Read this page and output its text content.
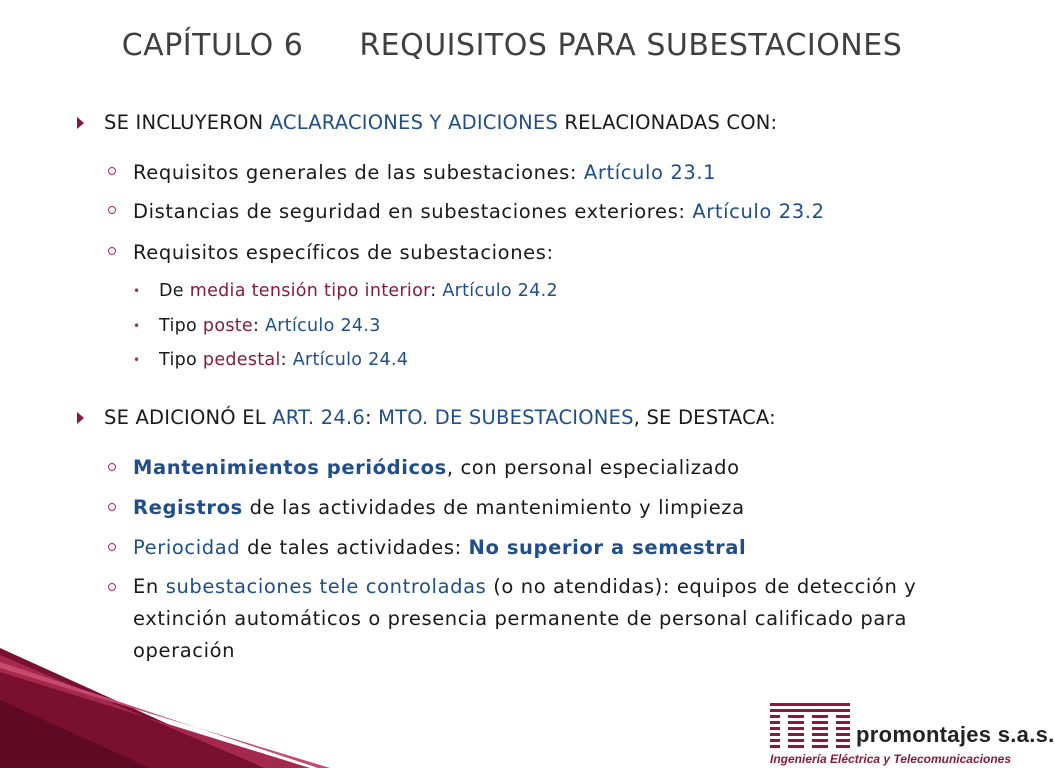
CAPÍTULO 6 REQUISITOS PARA SUBESTACIONES
SE INCLUYERON ACLARACIONES Y ADICIONES RELACIONADAS CON:
Requisitos generales de las subestaciones: Artículo 23.1
Distancias de seguridad en subestaciones exteriores: Artículo 23.2
Requisitos específicos de subestaciones:
• De media tensión tipo interior: Artículo 24.2
• Tipo poste: Artículo 24.3
• Tipo pedestal: Artículo 24.4
SE ADICIONÓ EL ART. 24.6: MTO. DE SUBESTACIONES, SE DESTACA:
Mantenimientos periódicos, con personal especializado
Registros de las actividades de mantenimiento y limpieza
Periocidad de tales actividades: No superior a semestral
En subestaciones tele controladas (o no atendidas): equipos de detección y extinción automáticos o presencia permanente de personal calificado para operación
promontajes s.a.s.
Ingeniería Eléctrica y Telecomunicaciones
